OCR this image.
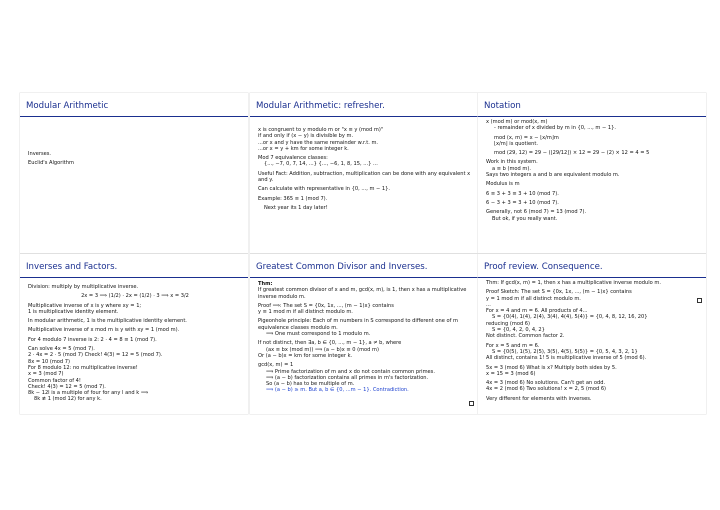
Modular Arithmetic

Inverses.

Euclid's Algorithm

Modular Arithmetic: refresher.

x is congruent to y modulo m or "x ≡ y (mod m)"

if and only if (x − y) is divisible by m.

...or x and y have the same remainder w.r.t. m.

...or x = y + km for some integer k.

Mod 7 equivalence classes:

{..., −7, 0, 7, 14, ...} {..., −6, 1, 8, 15, ...} ...

Useful Fact: Addition, subtraction, multiplication can be done with any equivalent x and y.

Can calculate with representative in {0, ..., m − 1}.

Example: 365 ≡ 1 (mod 7).

Next year its 1 day later!

Notation

x (mod m) or mod(x, m)

- remainder of x divided by m in {0, ..., m − 1}.

mod (x, m) = x − ⌊x/m⌋m

⌊x/m⌋ is quotient.

mod (29, 12) = 29 − (⌊29/12⌋) × 12 = 29 − (2) × 12 = 4 = 5

Work in this system.

a ≡ b (mod m).

Says two integers a and b are equivalent modulo m.

Modulus is m

6 ≡ 3 + 3 ≡ 3 + 10 (mod 7).

6 − 3 + 3 = 3 + 10 (mod 7).

Generally, not 6 (mod 7) = 13 (mod 7).

But ok, if you really want.

Inverses and Factors.

Division: multiply by multiplicative inverse.

2x = 3 ⟹ (1/2) · 2x = (1/2) · 3 ⟹ x = 3/2

Multiplicative inverse of x is y where xy = 1;

1 is multiplicative identity element.

In modular arithmetic, 1 is the multiplicative identity element.

Multiplicative inverse of x mod m is y with xy = 1 (mod m).

For 4 modulo 7 inverse is 2: 2 · 4 = 8 ≡ 1 (mod 7).

Can solve 4x = 5 (mod 7).

2 · 4x = 2 · 5 (mod 7) Check! 4(3) = 12 = 5 (mod 7).

8x = 10 (mod 7)

For 8 modulo 12: no multiplicative inverse!

x = 3 (mod 7)

Common factor of 4!

Check! 4(3) = 12 = 5 (mod 7).

8k − 12l is a multiple of four for any l and k ⟹

8k ≢ 1 (mod 12) for any k.

Greatest Common Divisor and Inverses.

Thm:

If greatest common divisor of x and m, gcd(x, m), is 1, then x has a multiplicative inverse modulo m.

Proof ⟹: The set S = {0x, 1x, ..., (m − 1)x} contains

y ≡ 1 mod m if all distinct modulo m.

Pigeonhole principle: Each of m numbers in S correspond to different one of m equivalence classes modulo m.

⟹ One must correspond to 1 modulo m.

If not distinct, then ∃a, b ∈ {0, ..., m − 1}, a ≠ b, where

(ax ≡ bx (mod m)) ⟹ (a − b)x ≡ 0 (mod m)

Or (a − b)x = km for some integer k.

gcd(x, m) = 1

⟹ Prime factorization of m and x do not contain common primes.

⟹ (a − b) factorization contains all primes in m's factorization.

So (a − b) has to be multiple of m.

⟹ (a − b) ≥ m. But a, b ∈ {0, ...m − 1}. Contradiction.

Proof review. Consequence.

Thm: If gcd(x, m) = 1, then x has a multiplicative inverse modulo m.

Proof Sketch: The set S = {0x, 1x, ..., (m − 1)x} contains

y = 1 mod m if all distinct modulo m.

...

For x = 4 and m = 6. All products of 4...

S = {0(4), 1(4), 2(4), 3(4), 4(4), 5(4)} = {0, 4, 8, 12, 16, 20}

reducing (mod 6)

S = {0, 4, 2, 0, 4, 2}

Not distinct. Common factor 2.

For x = 5 and m = 6.

S = {0(5), 1(5), 2(5), 3(5), 4(5), 5(5)} = {0, 5, 4, 3, 2, 1}

All distinct, contains 1! 5 is multiplicative inverse of 5 (mod 6).

5x = 3 (mod 6) What is x? Multiply both sides by 5.

x = 15 = 3 (mod 6)

4x = 3 (mod 6) No solutions. Can't get an odd.

4x = 2 (mod 6) Two solutions! x = 2, 5 (mod 6)

Very different for elements with inverses.
